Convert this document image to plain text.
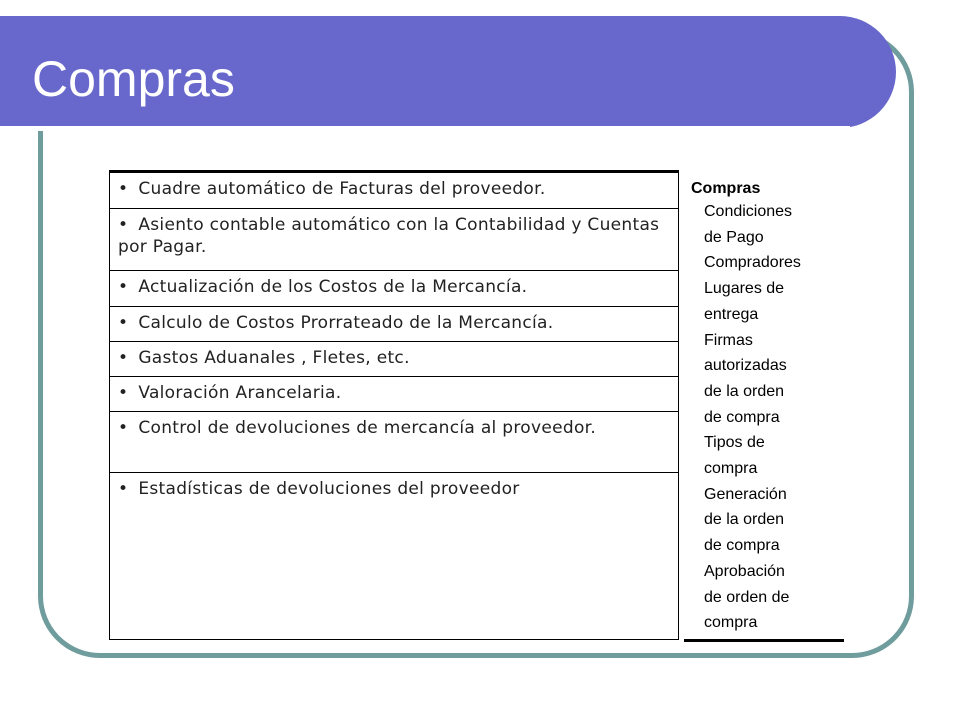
Compras
• Cuadre automático de Facturas del proveedor.
• Asiento contable automático con la Contabilidad y Cuentas por Pagar.
• Actualización de los Costos de la Mercancía.
• Calculo de Costos Prorrateado de la Mercancía.
• Gastos Aduanales , Fletes, etc.
• Valoración Arancelaria.
• Control de devoluciones de mercancía al proveedor.
• Estadísticas de devoluciones del proveedor
Compras
Condiciones
de Pago
Compradores
Lugares de
entrega
Firmas
autorizadas
de la orden
de compra
Tipos de
compra
Generación
de la orden
de compra
Aprobación
de orden de
compra
